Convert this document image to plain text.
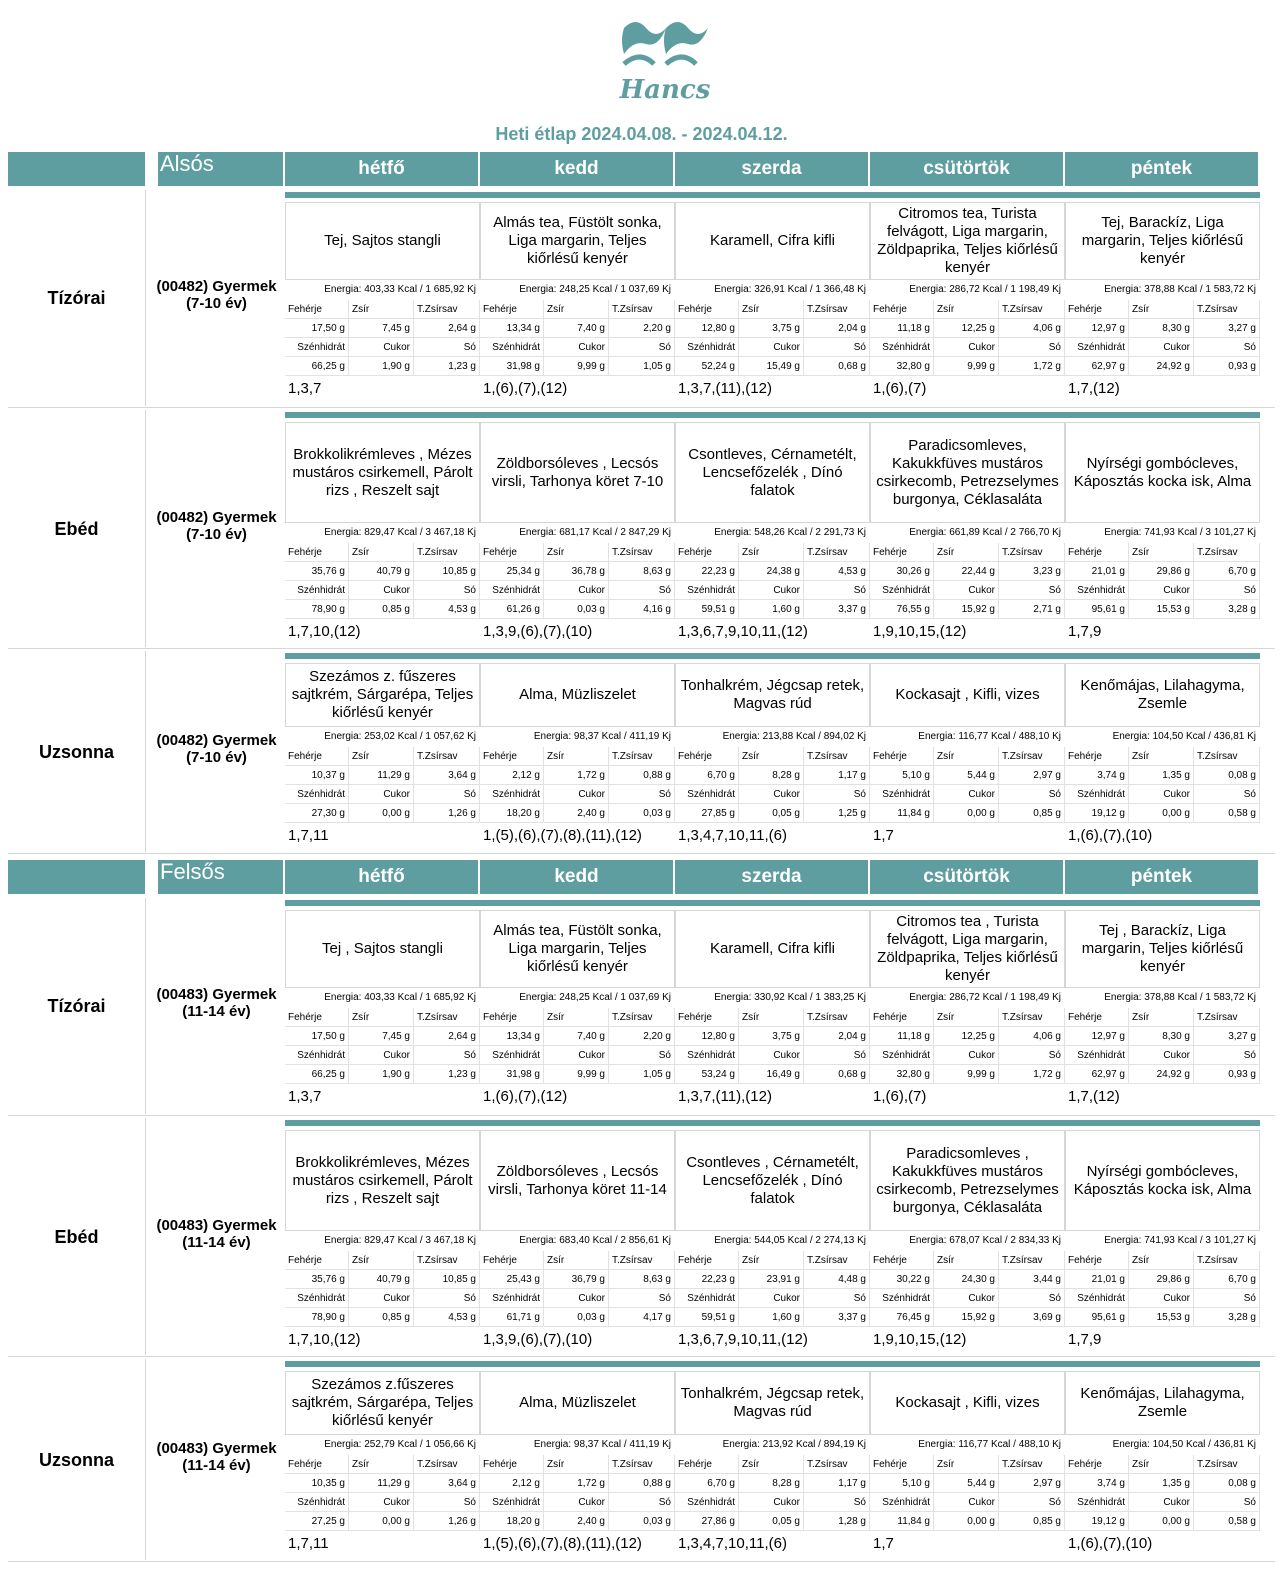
Hancs
Heti étlap 2024.04.08. - 2024.04.12.
Alsós	hétfő	kedd	szerda	csütörtök	péntek
Tízórai
(00482) Gyermek (7-10 év)
Tej, Sajtos stangli
Energia: 403,33 Kcal / 1 685,92 Kj
Fehérje	Zsír	T.Zsírsav
17,50 g	7,45 g	2,64 g
Szénhidrát	Cukor	Só
66,25 g	1,90 g	1,23 g
1,3,7
Almás tea, Füstölt sonka, Liga margarin, Teljes kiőrlésű kenyér
Energia: 248,25 Kcal / 1 037,69 Kj
Fehérje	Zsír	T.Zsírsav
13,34 g	7,40 g	2,20 g
Szénhidrát	Cukor	Só
31,98 g	9,99 g	1,05 g
1,(6),(7),(12)
Karamell, Cifra kifli
Energia: 326,91 Kcal / 1 366,48 Kj
Fehérje	Zsír	T.Zsírsav
12,80 g	3,75 g	2,04 g
Szénhidrát	Cukor	Só
52,24 g	15,49 g	0,68 g
1,3,7,(11),(12)
Citromos tea, Turista felvágott, Liga margarin, Zöldpaprika, Teljes kiőrlésű kenyér
Energia: 286,72 Kcal / 1 198,49 Kj
Fehérje	Zsír	T.Zsírsav
11,18 g	12,25 g	4,06 g
Szénhidrát	Cukor	Só
32,80 g	9,99 g	1,72 g
1,(6),(7)
Tej, Barackíz, Liga margarin, Teljes kiőrlésű kenyér
Energia: 378,88 Kcal / 1 583,72 Kj
Fehérje	Zsír	T.Zsírsav
12,97 g	8,30 g	3,27 g
Szénhidrát	Cukor	Só
62,97 g	24,92 g	0,93 g
1,7,(12)
Ebéd
(00482) Gyermek (7-10 év)
Brokkolikrémleves , Mézes mustáros csirkemell, Párolt rizs , Reszelt sajt
Energia: 829,47 Kcal / 3 467,18 Kj
Fehérje	Zsír	T.Zsírsav
35,76 g	40,79 g	10,85 g
Szénhidrát	Cukor	Só
78,90 g	0,85 g	4,53 g
1,7,10,(12)
Zöldborsóleves , Lecsós virsli, Tarhonya köret 7-10
Energia: 681,17 Kcal / 2 847,29 Kj
Fehérje	Zsír	T.Zsírsav
25,34 g	36,78 g	8,63 g
Szénhidrát	Cukor	Só
61,26 g	0,03 g	4,16 g
1,3,9,(6),(7),(10)
Csontleves, Cérnametélt, Lencsefőzelék , Dínó falatok
Energia: 548,26 Kcal / 2 291,73 Kj
Fehérje	Zsír	T.Zsírsav
22,23 g	24,38 g	4,53 g
Szénhidrát	Cukor	Só
59,51 g	1,60 g	3,37 g
1,3,6,7,9,10,11,(12)
Paradicsomleves, Kakukkfüves mustáros csirkecomb, Petrezselymes burgonya, Céklasaláta
Energia: 661,89 Kcal / 2 766,70 Kj
Fehérje	Zsír	T.Zsírsav
30,26 g	22,44 g	3,23 g
Szénhidrát	Cukor	Só
76,55 g	15,92 g	2,71 g
1,9,10,15,(12)
Nyírségi gombócleves, Káposztás kocka isk, Alma
Energia: 741,93 Kcal / 3 101,27 Kj
Fehérje	Zsír	T.Zsírsav
21,01 g	29,86 g	6,70 g
Szénhidrát	Cukor	Só
95,61 g	15,53 g	3,28 g
1,7,9
Uzsonna
(00482) Gyermek (7-10 év)
Szezámos z. fűszeres sajtkrém, Sárgarépa, Teljes kiőrlésű kenyér
Energia: 253,02 Kcal / 1 057,62 Kj
Fehérje	Zsír	T.Zsírsav
10,37 g	11,29 g	3,64 g
Szénhidrát	Cukor	Só
27,30 g	0,00 g	1,26 g
1,7,11
Alma, Müzliszelet
Energia: 98,37 Kcal / 411,19 Kj
Fehérje	Zsír	T.Zsírsav
2,12 g	1,72 g	0,88 g
Szénhidrát	Cukor	Só
18,20 g	2,40 g	0,03 g
1,(5),(6),(7),(8),(11),(12)
Tonhalkrém, Jégcsap retek, Magvas rúd
Energia: 213,88 Kcal / 894,02 Kj
Fehérje	Zsír	T.Zsírsav
6,70 g	8,28 g	1,17 g
Szénhidrát	Cukor	Só
27,85 g	0,05 g	1,25 g
1,3,4,7,10,11,(6)
Kockasajt , Kifli, vizes
Energia: 116,77 Kcal / 488,10 Kj
Fehérje	Zsír	T.Zsírsav
5,10 g	5,44 g	2,97 g
Szénhidrát	Cukor	Só
11,84 g	0,00 g	0,85 g
1,7
Kenőmájas, Lilahagyma, Zsemle
Energia: 104,50 Kcal / 436,81 Kj
Fehérje	Zsír	T.Zsírsav
3,74 g	1,35 g	0,08 g
Szénhidrát	Cukor	Só
19,12 g	0,00 g	0,58 g
1,(6),(7),(10)
Felsős	hétfő	kedd	szerda	csütörtök	péntek
Tízórai
(00483) Gyermek (11-14 év)
Tej , Sajtos stangli
Energia: 403,33 Kcal / 1 685,92 Kj
Fehérje	Zsír	T.Zsírsav
17,50 g	7,45 g	2,64 g
Szénhidrát	Cukor	Só
66,25 g	1,90 g	1,23 g
1,3,7
Almás tea, Füstölt sonka, Liga margarin, Teljes kiőrlésű kenyér
Energia: 248,25 Kcal / 1 037,69 Kj
Fehérje	Zsír	T.Zsírsav
13,34 g	7,40 g	2,20 g
Szénhidrát	Cukor	Só
31,98 g	9,99 g	1,05 g
1,(6),(7),(12)
Karamell, Cifra kifli
Energia: 330,92 Kcal / 1 383,25 Kj
Fehérje	Zsír	T.Zsírsav
12,80 g	3,75 g	2,04 g
Szénhidrát	Cukor	Só
53,24 g	16,49 g	0,68 g
1,3,7,(11),(12)
Citromos tea , Turista felvágott, Liga margarin, Zöldpaprika, Teljes kiőrlésű kenyér
Energia: 286,72 Kcal / 1 198,49 Kj
Fehérje	Zsír	T.Zsírsav
11,18 g	12,25 g	4,06 g
Szénhidrát	Cukor	Só
32,80 g	9,99 g	1,72 g
1,(6),(7)
Tej , Barackíz, Liga margarin, Teljes kiőrlésű kenyér
Energia: 378,88 Kcal / 1 583,72 Kj
Fehérje	Zsír	T.Zsírsav
12,97 g	8,30 g	3,27 g
Szénhidrát	Cukor	Só
62,97 g	24,92 g	0,93 g
1,7,(12)
Ebéd
(00483) Gyermek (11-14 év)
Brokkolikrémleves, Mézes mustáros csirkemell, Párolt rizs , Reszelt sajt
Energia: 829,47 Kcal / 3 467,18 Kj
Fehérje	Zsír	T.Zsírsav
35,76 g	40,79 g	10,85 g
Szénhidrát	Cukor	Só
78,90 g	0,85 g	4,53 g
1,7,10,(12)
Zöldborsóleves , Lecsós virsli, Tarhonya köret 11-14
Energia: 683,40 Kcal / 2 856,61 Kj
Fehérje	Zsír	T.Zsírsav
25,43 g	36,79 g	8,63 g
Szénhidrát	Cukor	Só
61,71 g	0,03 g	4,17 g
1,3,9,(6),(7),(10)
Csontleves , Cérnametélt, Lencsefőzelék , Dínó falatok
Energia: 544,05 Kcal / 2 274,13 Kj
Fehérje	Zsír	T.Zsírsav
22,23 g	23,91 g	4,48 g
Szénhidrát	Cukor	Só
59,51 g	1,60 g	3,37 g
1,3,6,7,9,10,11,(12)
Paradicsomleves , Kakukkfüves mustáros csirkecomb, Petrezselymes burgonya, Céklasaláta
Energia: 678,07 Kcal / 2 834,33 Kj
Fehérje	Zsír	T.Zsírsav
30,22 g	24,30 g	3,44 g
Szénhidrát	Cukor	Só
76,45 g	15,92 g	3,69 g
1,9,10,15,(12)
Nyírségi gombócleves, Káposztás kocka isk, Alma
Energia: 741,93 Kcal / 3 101,27 Kj
Fehérje	Zsír	T.Zsírsav
21,01 g	29,86 g	6,70 g
Szénhidrát	Cukor	Só
95,61 g	15,53 g	3,28 g
1,7,9
Uzsonna
(00483) Gyermek (11-14 év)
Szezámos z.fűszeres sajtkrém, Sárgarépa, Teljes kiőrlésű kenyér
Energia: 252,79 Kcal / 1 056,66 Kj
Fehérje	Zsír	T.Zsírsav
10,35 g	11,29 g	3,64 g
Szénhidrát	Cukor	Só
27,25 g	0,00 g	1,26 g
1,7,11
Alma, Müzliszelet
Energia: 98,37 Kcal / 411,19 Kj
Fehérje	Zsír	T.Zsírsav
2,12 g	1,72 g	0,88 g
Szénhidrát	Cukor	Só
18,20 g	2,40 g	0,03 g
1,(5),(6),(7),(8),(11),(12)
Tonhalkrém, Jégcsap retek, Magvas rúd
Energia: 213,92 Kcal / 894,19 Kj
Fehérje	Zsír	T.Zsírsav
6,70 g	8,28 g	1,17 g
Szénhidrát	Cukor	Só
27,86 g	0,05 g	1,28 g
1,3,4,7,10,11,(6)
Kockasajt , Kifli, vizes
Energia: 116,77 Kcal / 488,10 Kj
Fehérje	Zsír	T.Zsírsav
5,10 g	5,44 g	2,97 g
Szénhidrát	Cukor	Só
11,84 g	0,00 g	0,85 g
1,7
Kenőmájas, Lilahagyma, Zsemle
Energia: 104,50 Kcal / 436,81 Kj
Fehérje	Zsír	T.Zsírsav
3,74 g	1,35 g	0,08 g
Szénhidrát	Cukor	Só
19,12 g	0,00 g	0,58 g
1,(6),(7),(10)
